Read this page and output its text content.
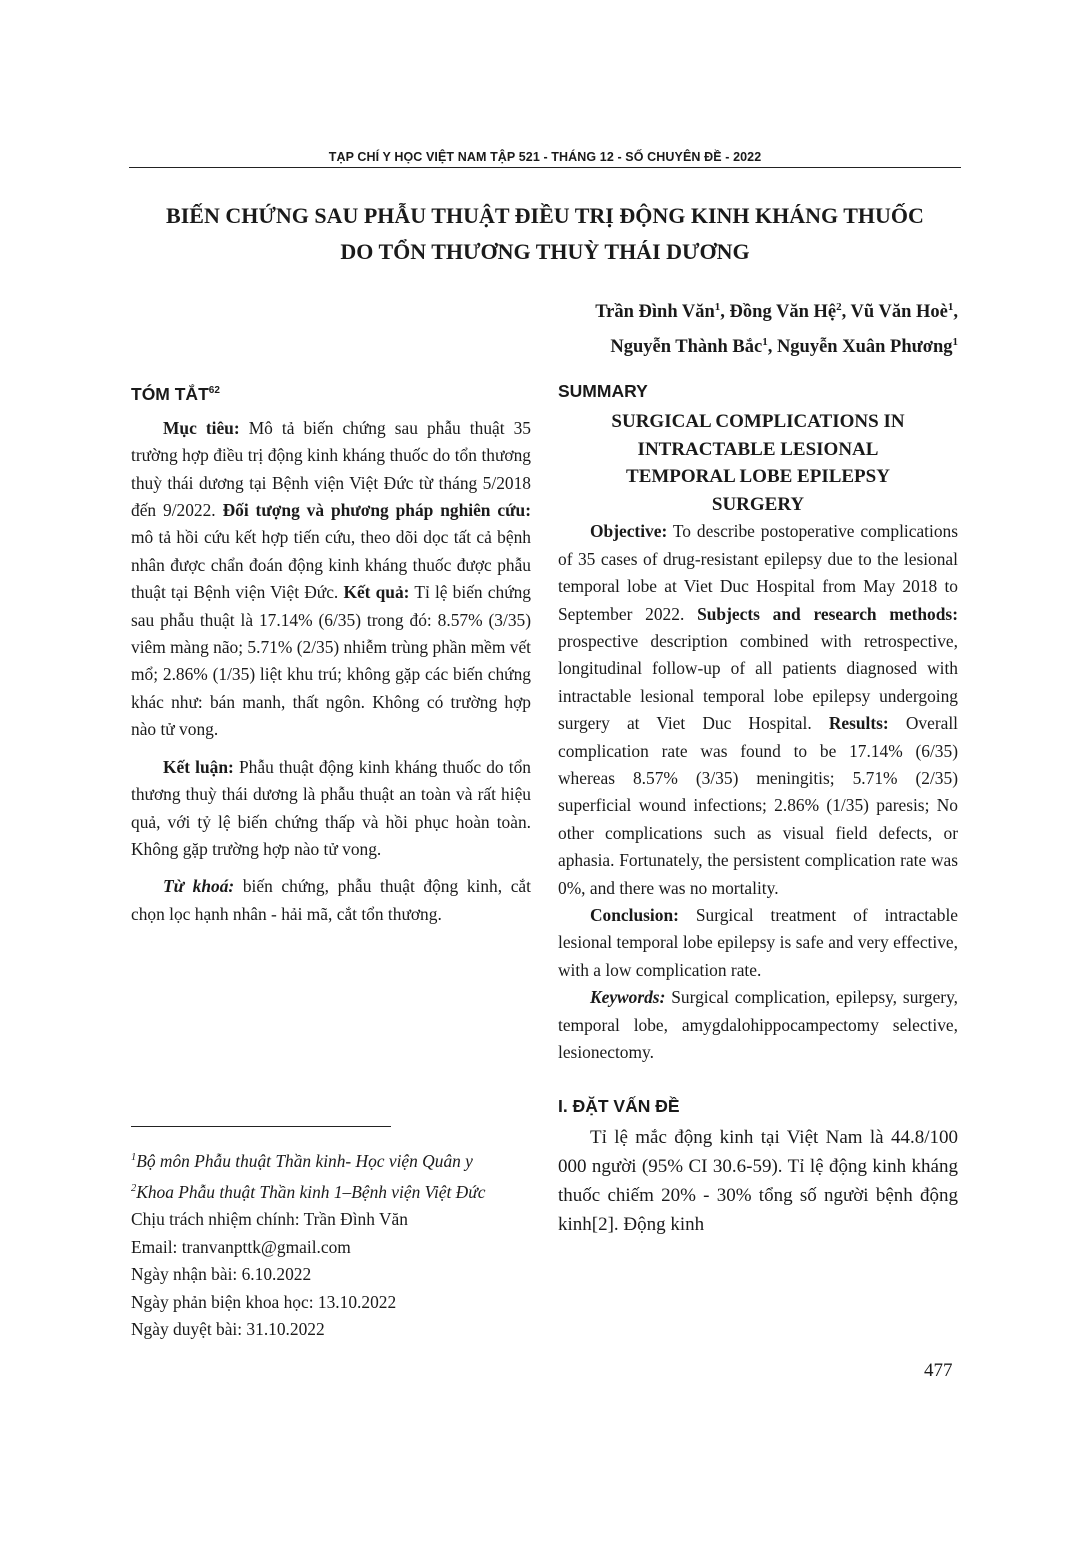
TẠP CHÍ Y HỌC VIỆT NAM TẬP 521 - THÁNG 12 - SỐ CHUYÊN ĐỀ - 2022
BIẾN CHỨNG SAU PHẪU THUẬT ĐIỀU TRỊ ĐỘNG KINH KHÁNG THUỐC
DO TỔN THƯƠNG THUỲ THÁI DƯƠNG
Trần Đình Văn$^1$, Đồng Văn Hệ$^2$, Vũ Văn Hoè$^1$,
Nguyễn Thành Bắc$^1$, Nguyễn Xuân Phương$^1$
TÓM TẮT$^{62}$

Mục tiêu: Mô tả biến chứng sau phẫu thuật 35 trường hợp điều trị động kinh kháng thuốc do tổn thương thuỳ thái dương tại Bệnh viện Việt Đức từ tháng 5/2018 đến 9/2022. Đối tượng và phương pháp nghiên cứu: mô tả hồi cứu kết hợp tiến cứu, theo dõi dọc tất cả bệnh nhân được chẩn đoán động kinh kháng thuốc được phẫu thuật tại Bệnh viện Việt Đức. Kết quả: Tỉ lệ biến chứng sau phẫu thuật là 17.14% (6/35) trong đó: 8.57% (3/35) viêm màng não; 5.71% (2/35) nhiễm trùng phần mềm vết mổ; 2.86% (1/35) liệt khu trú; không gặp các biến chứng khác như: bán manh, thất ngôn. Không có trường hợp nào tử vong.

Kết luận: Phẫu thuật động kinh kháng thuốc do tổn thương thuỳ thái dương là phẫu thuật an toàn và rất hiệu quả, với tỷ lệ biến chứng thấp và hồi phục hoàn toàn. Không gặp trường hợp nào tử vong.

Từ khoá: biến chứng, phẫu thuật động kinh, cắt chọn lọc hạnh nhân - hải mã, cắt tổn thương.

$^1$Bộ môn Phẫu thuật Thần kinh- Học viện Quân y
$^2$Khoa Phẫu thuật Thần kinh 1–Bệnh viện Việt Đức
Chịu trách nhiệm chính: Trần Đình Văn
Email: tranvanpttk@gmail.com
Ngày nhận bài: 6.10.2022
Ngày phản biện khoa học: 13.10.2022
Ngày duyệt bài: 31.10.2022
SUMMARY
SURGICAL COMPLICATIONS IN
INTRACTABLE LESIONAL
TEMPORAL LOBE EPILEPSY
SURGERY

Objective: To describe postoperative complications of 35 cases of drug-resistant epilepsy due to the lesional temporal lobe at Viet Duc Hospital from May 2018 to September 2022. Subjects and research methods: prospective description combined with retrospective, longitudinal follow-up of all patients diagnosed with intractable lesional temporal lobe epilepsy undergoing surgery at Viet Duc Hospital. Results: Overall complication rate was found to be 17.14% (6/35) whereas 8.57% (3/35) meningitis; 5.71% (2/35) superficial wound infections; 2.86% (1/35) paresis; No other complications such as visual field defects, or aphasia. Fortunately, the persistent complication rate was 0%, and there was no mortality.

Conclusion: Surgical treatment of intractable lesional temporal lobe epilepsy is safe and very effective, with a low complication rate.

Keywords: Surgical complication, epilepsy, surgery, temporal lobe, amygdalohippocampectomy selective, lesionectomy.

I. ĐẶT VẤN ĐỀ

Tỉ lệ mắc động kinh tại Việt Nam là 44.8/100 000 người (95% CI 30.6-59). Tỉ lệ động kinh kháng thuốc chiếm 20% - 30% tổng số người bệnh động kinh[2]. Động kinh

477
